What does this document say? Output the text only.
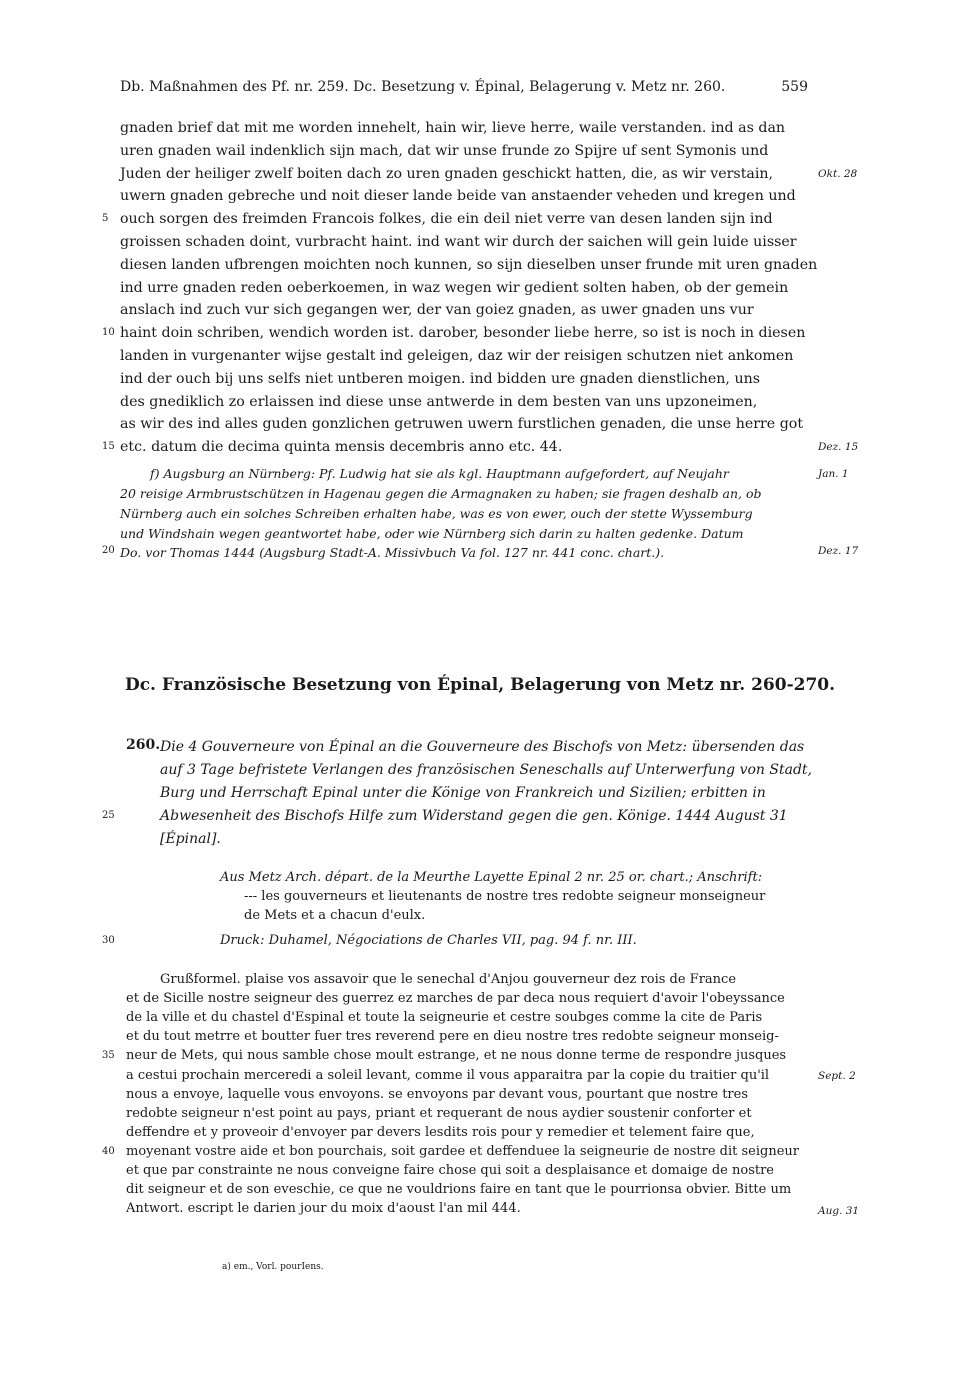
Db. Maßnahmen des Pf. nr. 259. Dc. Besetzung v. Épinal, Belagerung v. Metz nr. 260.	559
gnaden brief dat mit me worden innehelt, hain wir, lieve herre, waile verstanden. ind as dan
uren gnaden wail indenklich sijn mach, dat wir unse frunde zo Spijre uf sent Symonis und
Juden der heiliger zwelf boiten dach zo uren gnaden geschickt hatten, die, as wir verstain,
uwern gnaden gebreche und noit dieser lande beide van anstaender veheden und kregen und
ouch sorgen des freimden Francois folkes, die ein deil niet verre van desen landen sijn ind
groissen schaden doint, vurbracht haint. ind want wir durch der saichen will gein luide uisser
diesen landen ufbrengen moichten noch kunnen, so sijn dieselben unser frunde mit uren gnaden
ind urre gnaden reden oeberkoemen, in waz wegen wir gedient solten haben, ob der gemein
anslach ind zuch vur sich gegangen wer, der van goiez gnaden, as uwer gnaden uns vur
haint doin schriben, wendich worden ist. darober, besonder liebe herre, so ist is noch in diesen
landen in vurgenanter wijse gestalt ind geleigen, daz wir der reisigen schutzen niet ankomen
ind der ouch bij uns selfs niet untberen moigen. ind bidden ure gnaden dienstlichen, uns
des gnediklich zo erlaissen ind diese unse antwerde in dem besten van uns upzoneimen,
as wir des ind alles guden gonzlichen getruwen uwern furstlichen genaden, die unse herre got
etc. datum die decima quinta mensis decembris anno etc. 44.
5
10
15
20
Okt. 28
Dez. 15
Jan. 1
Dez. 17
f) Augsburg an Nürnberg: Pf. Ludwig hat sie als kgl. Hauptmann aufgefordert, auf Neujahr
20 reisige Armbrustschützen in Hagenau gegen die Armagnaken zu haben; sie fragen deshalb an, ob
Nürnberg auch ein solches Schreiben erhalten habe, was es von ewer, ouch der stette Wyssemburg
und Windshain wegen geantwortet habe, oder wie Nürnberg sich darin zu halten gedenke. Datum
Do. vor Thomas 1444 (Augsburg Stadt-A. Missivbuch Va fol. 127 nr. 441 conc. chart.).
Dc. Französische Besetzung von Épinal, Belagerung von Metz nr. 260-270.
260. Die 4 Gouverneure von Épinal an die Gouverneure des Bischofs von Metz: übersenden das
auf 3 Tage befristete Verlangen des französischen Seneschalls auf Unterwerfung von Stadt,
Burg und Herrschaft Epinal unter die Könige von Frankreich und Sizilien; erbitten in
Abwesenheit des Bischofs Hilfe zum Widerstand gegen die gen. Könige. 1444 August 31
[Épinal].
25
30
Aus Metz Arch. départ. de la Meurthe Layette Epinal 2 nr. 25 or. chart.; Anschrift:
--- les gouverneurs et lieutenants de nostre tres redobte seigneur monseigneur
de Mets et a chacun d'eulx.
Druck: Duhamel, Négociations de Charles VII, pag. 94 f. nr. III.
Grußformel. plaise vos assavoir que le senechal d'Anjou gouverneur dez rois de France
et de Sicille nostre seigneur des guerrez ez marches de par deca nous requiert d'avoir l'obeyssance
de la ville et du chastel d'Espinal et toute la seigneurie et cestre soubges comme la cite de Paris
et du tout metrre et boutter fuer tres reverend pere en dieu nostre tres redobte seigneur monseig-
neur de Mets, qui nous samble chose moult estrange, et ne nous donne terme de respondre jusques
a cestui prochain merceredi a soleil levant, comme il vous apparaitra par la copie du traitier qu'il
nous a envoye, laquelle vous envoyons. se envoyons par devant vous, pourtant que nostre tres
redobte seigneur n'est point au pays, priant et requerant de nous aydier soustenir conforter et
deffendre et y proveoir d'envoyer par devers lesdits rois pour y remedier et telement faire que,
moyenant vostre aide et bon pourchais, soit gardee et deffenduee la seigneurie de nostre dit seigneur
et que par constrainte ne nous conveigne faire chose qui soit a desplaisance et domaige de nostre
dit seigneur et de son eveschie, ce que ne vouldrions faire en tant que le pourrionsa obvier. Bitte um
Antwort. escript le darien jour du moix d'aoust l'an mil 444.
35
40
Sept. 2
Aug. 31
a) em., Vorl. pourIens.
